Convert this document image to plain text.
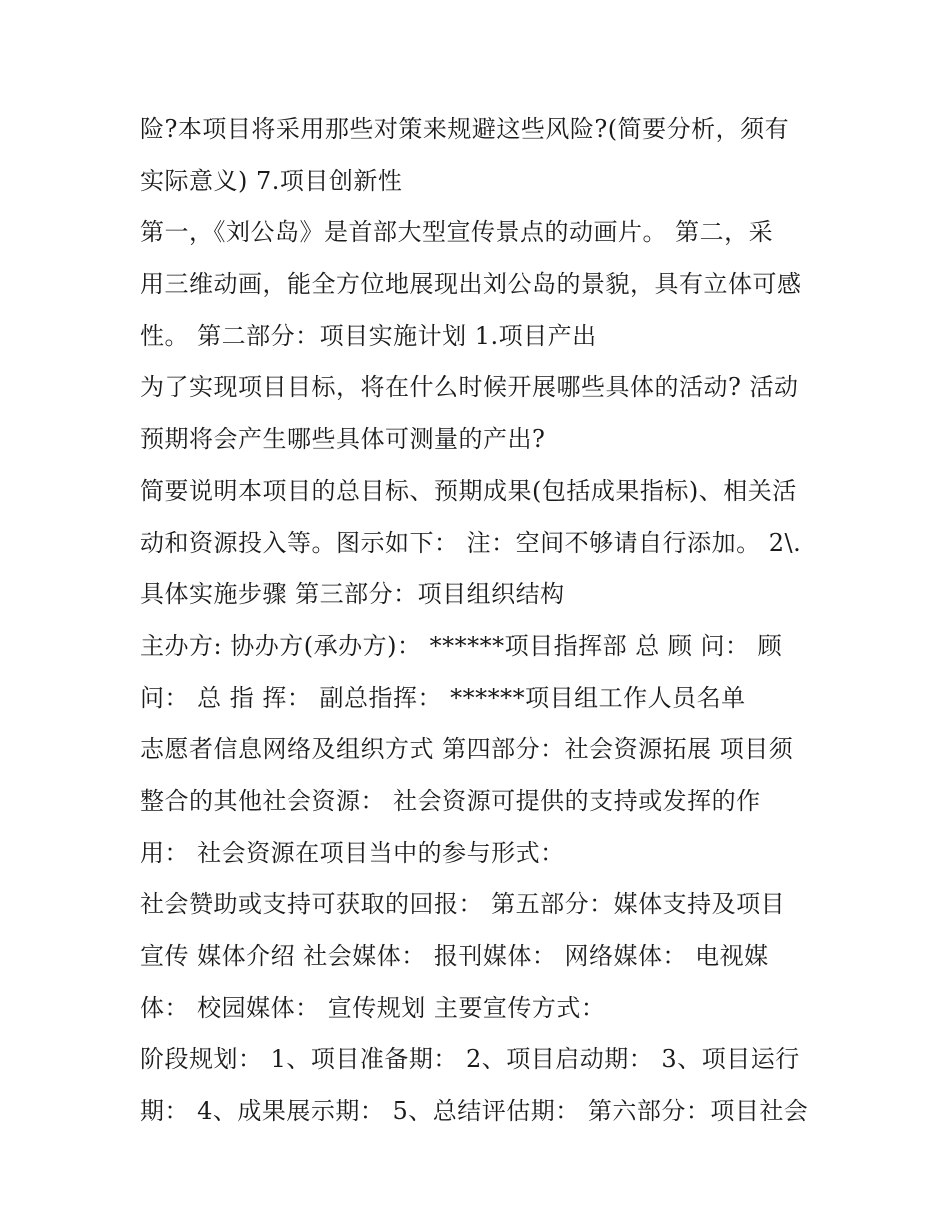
险?本项目将采用那些对策来规避这些风险?(简要分析，须有
实际意义) 7.项目创新性
第一，《刘公岛》是首部大型宣传景点的动画片。 第二，采
用三维动画，能全方位地展现出刘公岛的景貌，具有立体可感
性。 第二部分：项目实施计划 1.项目产出
为了实现项目目标，将在什么时候开展哪些具体的活动? 活动
预期将会产生哪些具体可测量的产出?
简要说明本项目的总目标、预期成果(包括成果指标)、相关活
动和资源投入等。图示如下： 注：空间不够请自行添加。 2\.
具体实施步骤 第三部分：项目组织结构
主办方: 协办方(承办方)： ******项目指挥部 总 顾 问： 顾
问： 总 指 挥： 副总指挥： ******项目组工作人员名单
志愿者信息网络及组织方式 第四部分：社会资源拓展 项目须
整合的其他社会资源： 社会资源可提供的支持或发挥的作
用： 社会资源在项目当中的参与形式：
社会赞助或支持可获取的回报： 第五部分：媒体支持及项目
宣传 媒体介绍 社会媒体： 报刊媒体： 网络媒体： 电视媒
体： 校园媒体： 宣传规划 主要宣传方式：
阶段规划： 1、项目准备期： 2、项目启动期： 3、项目运行
期： 4、成果展示期： 5、总结评估期： 第六部分：项目社会
